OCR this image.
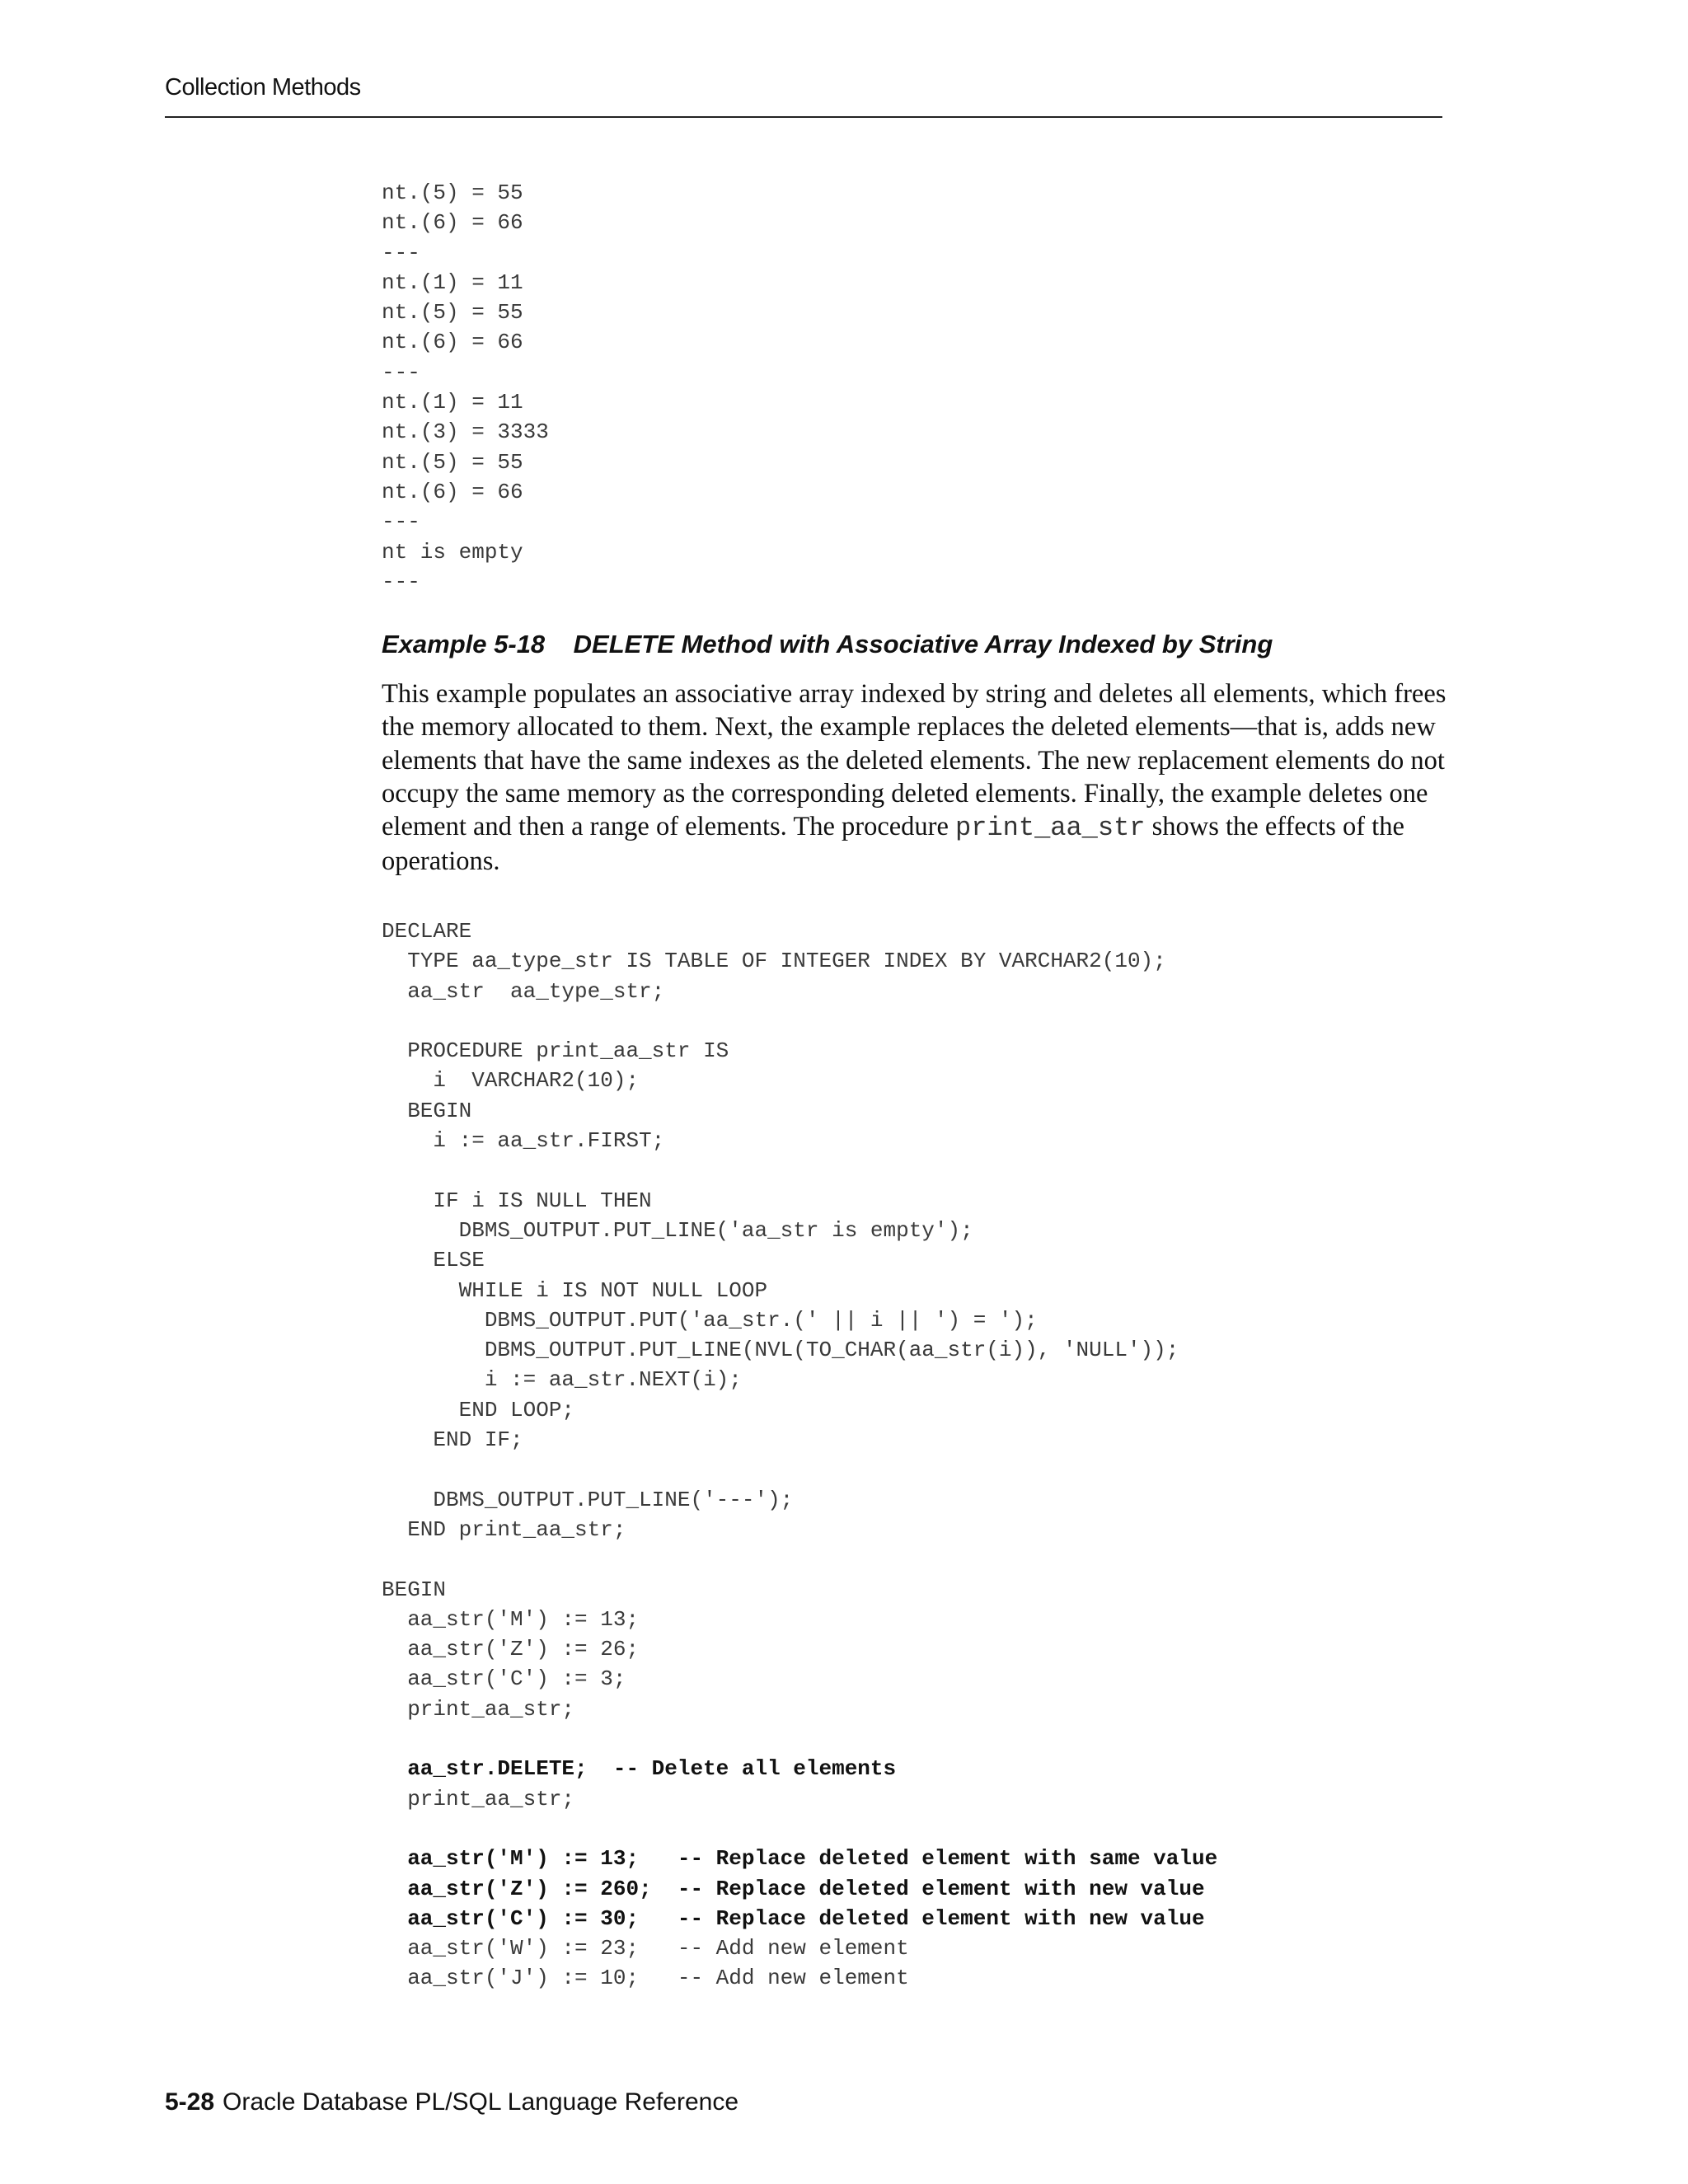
Collection Methods
nt.(5) = 55
nt.(6) = 66
---
nt.(1) = 11
nt.(5) = 55
nt.(6) = 66
---
nt.(1) = 11
nt.(3) = 3333
nt.(5) = 55
nt.(6) = 66
---
nt is empty
---
Example 5-18 DELETE Method with Associative Array Indexed by String

This example populates an associative array indexed by string and deletes all elements, which frees the memory allocated to them. Next, the example replaces the deleted elements—that is, adds new elements that have the same indexes as the deleted elements. The new replacement elements do not occupy the same memory as the corresponding deleted elements. Finally, the example deletes one element and then a range of elements. The procedure print_aa_str shows the effects of the operations.

DECLARE
TYPE aa_type_str IS TABLE OF INTEGER INDEX BY VARCHAR2(10);
aa_str  aa_type_str;
PROCEDURE print_aa_str IS
i  VARCHAR2(10);
BEGIN
i := aa_str.FIRST;
IF i IS NULL THEN
DBMS_OUTPUT.PUT_LINE('aa_str is empty');
ELSE
WHILE i IS NOT NULL LOOP
DBMS_OUTPUT.PUT('aa_str.(' || i || ') = ');
DBMS_OUTPUT.PUT_LINE(NVL(TO_CHAR(aa_str(i)), 'NULL'));
i := aa_str.NEXT(i);
END LOOP;
END IF;
DBMS_OUTPUT.PUT_LINE('---');
END print_aa_str;
BEGIN
aa_str('M') := 13;
aa_str('Z') := 26;
aa_str('C') := 3;
print_aa_str;
aa_str.DELETE;  -- Delete all elements
print_aa_str;
aa_str('M') := 13;   -- Replace deleted element with same value
aa_str('Z') := 260;  -- Replace deleted element with new value
aa_str('C') := 30;   -- Replace deleted element with new value
aa_str('W') := 23;   -- Add new element
aa_str('J') := 10;   -- Add new element
5-28 Oracle Database PL/SQL Language Reference
